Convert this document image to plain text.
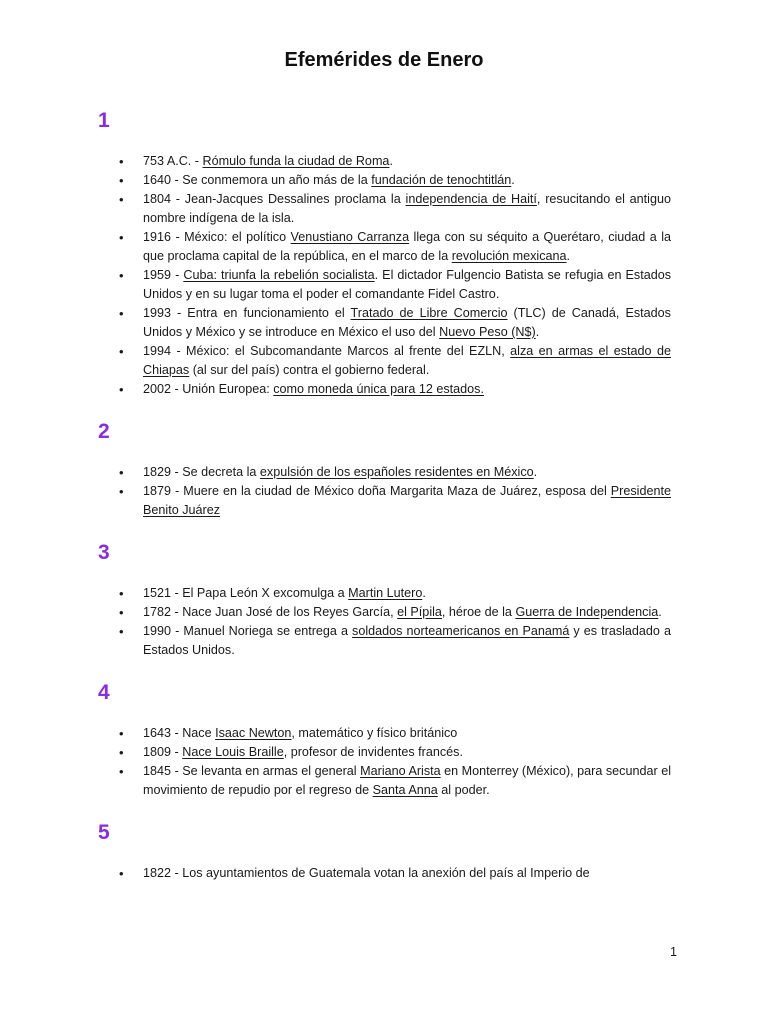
Efemérides de Enero
1
• 753 A.C. - Rómulo funda la ciudad de Roma.
• 1640 - Se conmemora un año más de la fundación de tenochtitlán.
• 1804 - Jean-Jacques Dessalines proclama la independencia de Haití, resucitando el antiguo nombre indígena de la isla.
• 1916 - México: el político Venustiano Carranza llega con su séquito a Querétaro, ciudad a la que proclama capital de la república, en el marco de la revolución mexicana.
• 1959 - Cuba: triunfa la rebelión socialista. El dictador Fulgencio Batista se refugia en Estados Unidos y en su lugar toma el poder el comandante Fidel Castro.
• 1993 - Entra en funcionamiento el Tratado de Libre Comercio (TLC) de Canadá, Estados Unidos y México y se introduce en México el uso del Nuevo Peso (N$).
• 1994 - México: el Subcomandante Marcos al frente del EZLN, alza en armas el estado de Chiapas (al sur del país) contra el gobierno federal.
• 2002 - Unión Europea: como moneda única para 12 estados.
2
• 1829 - Se decreta la expulsión de los españoles residentes en México.
• 1879 - Muere en la ciudad de México doña Margarita Maza de Juárez, esposa del Presidente Benito Juárez
3
• 1521 - El Papa León X excomulga a Martin Lutero.
• 1782 - Nace Juan José de los Reyes García, el Pípila, héroe de la Guerra de Independencia.
• 1990 - Manuel Noriega se entrega a soldados norteamericanos en Panamá y es trasladado a Estados Unidos.
4
• 1643 - Nace Isaac Newton, matemático y físico británico
• 1809 - Nace Louis Braille, profesor de invidentes francés.
• 1845 - Se levanta en armas el general Mariano Arista en Monterrey (México), para secundar el movimiento de repudio por el regreso de Santa Anna al poder.
5
• 1822 - Los ayuntamientos de Guatemala votan la anexión del país al Imperio de
1
